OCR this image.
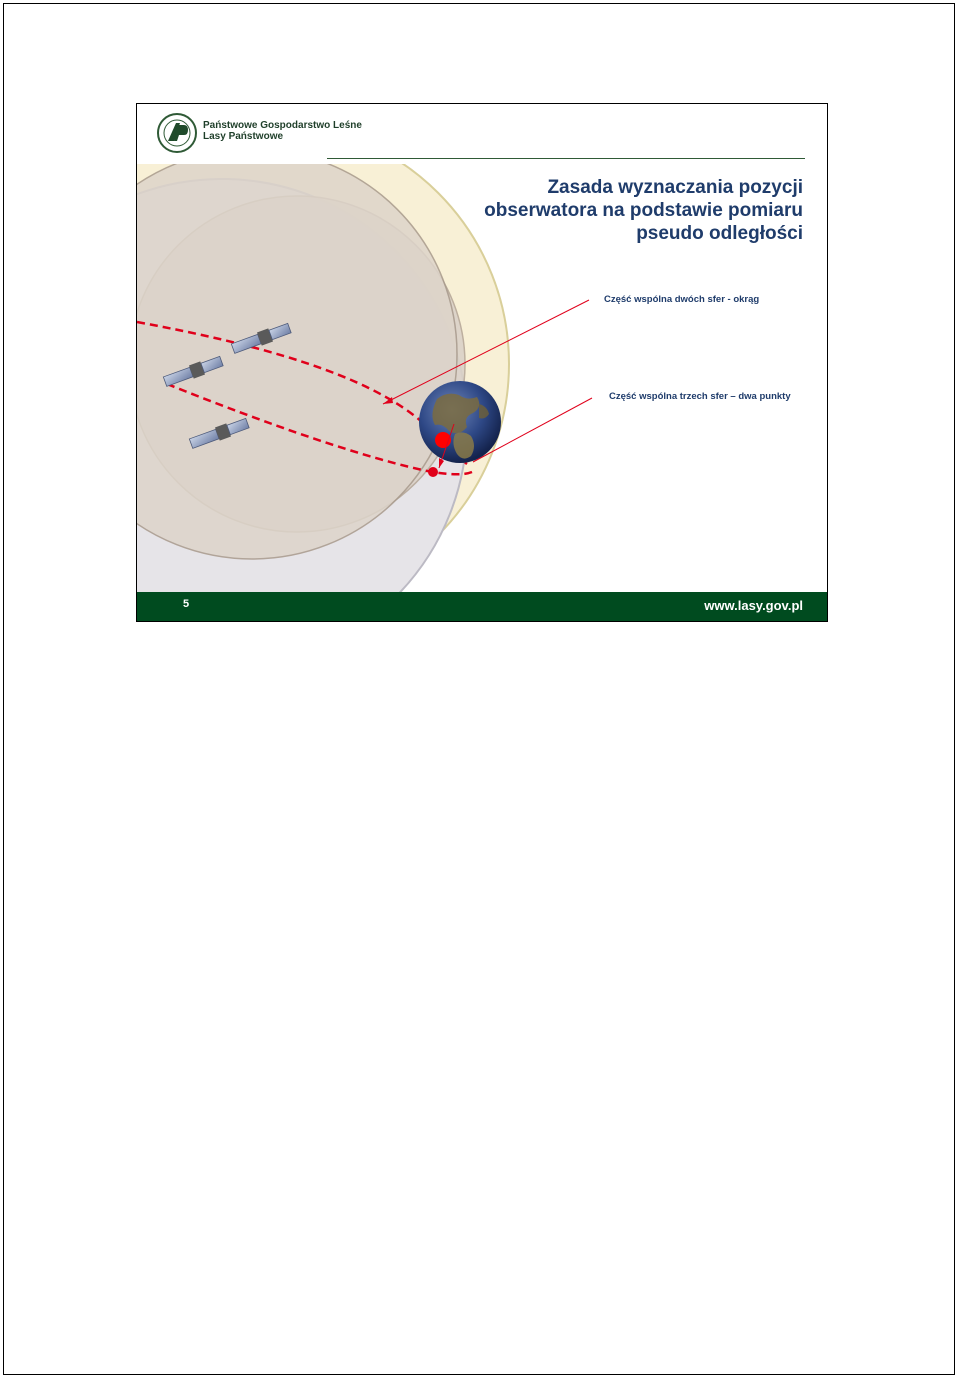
Państwowe Gospodarstwo Leśne
Lasy Państwowe
Zasada wyznaczania pozycji
obserwatora na podstawie pomiaru
pseudo odległości
Część wspólna dwóch sfer - okrąg
Część wspólna trzech sfer – dwa punkty
5	www.lasy.gov.pl
